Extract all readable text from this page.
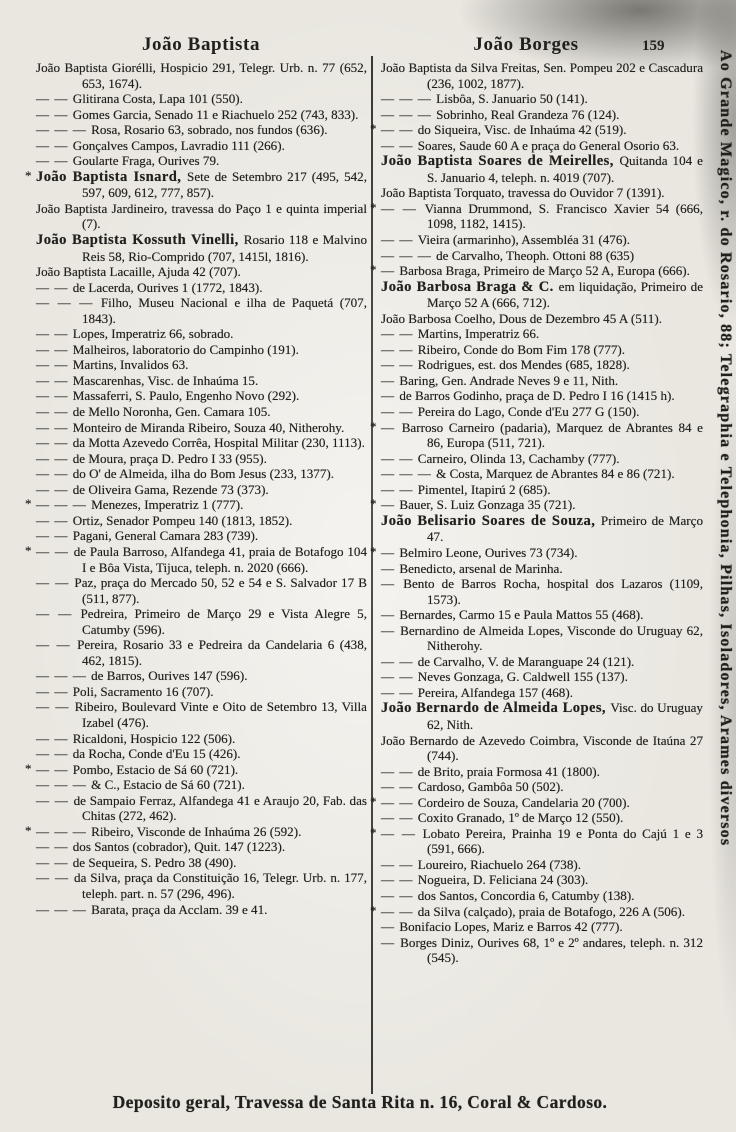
João Baptista	João Borges	159
João Baptista Giorélli, Hospicio 291, Telegr. Urb. n. 77 (652, 653, 1674).
— — Glitirana Costa, Lapa 101 (550).
— — Gomes Garcia, Senado 11 e Riachuelo 252 (743, 833).
— — — Rosa, Rosario 63, sobrado, nos fundos (636).
— — Gonçalves Campos, Lavradio 111 (266).
— — Goularte Fraga, Ourives 79.
* João Baptista Isnard, Sete de Setembro 217 (495, 542, 597, 609, 612, 777, 857).
João Baptista Jardineiro, travessa do Paço 1 e quinta imperial (7).
João Baptista Kossuth Vinelli, Rosario 118 e Malvino Reis 58, Rio-Comprido (707, 1415l, 1816).
João Baptista Lacaille, Ajuda 42 (707).
— — de Lacerda, Ourives 1 (1772, 1843).
— — — Filho, Museu Nacional e ilha de Paquetá (707, 1843).
— — Lopes, Imperatriz 66, sobrado.
— — Malheiros, laboratorio do Campinho (191).
— — Martins, Invalidos 63.
— — Mascarenhas, Visc. de Inhaúma 15.
— — Massaferri, S. Paulo, Engenho Novo (292).
— — de Mello Noronha, Gen. Camara 105.
— — Monteiro de Miranda Ribeiro, Souza 40, Nitherohy.
— — da Motta Azevedo Corrêa, Hospital Militar (230, 1113).
— — de Moura, praça D. Pedro I 33 (955).
— — do O' de Almeida, ilha do Bom Jesus (233, 1377).
— — de Oliveira Gama, Rezende 73 (373).
* — — — Menezes, Imperatriz 1 (777).
— — Ortiz, Senador Pompeu 140 (1813, 1852).
— — Pagani, General Camara 283 (739).
* — — de Paula Barroso, Alfandega 41, praia de Botafogo 104 I e Bôa Vista, Tijuca, teleph. n. 2020 (666).
— — Paz, praça do Mercado 50, 52 e 54 e S. Salvador 17 B (511, 877).
— — Pedreira, Primeiro de Março 29 e Vista Alegre 5, Catumby (596).
— — Pereira, Rosario 33 e Pedreira da Candelaria 6 (438, 462, 1815).
— — — de Barros, Ourives 147 (596).
— — Poli, Sacramento 16 (707).
— — Ribeiro, Boulevard Vinte e Oito de Setembro 13, Villa Izabel (476).
— — Ricaldoni, Hospicio 122 (506).
— — da Rocha, Conde d'Eu 15 (426).
* — — Pombo, Estacio de Sá 60 (721).
— — — & C., Estacio de Sá 60 (721).
— — de Sampaio Ferraz, Alfandega 41 e Araujo 20, Fab. das Chitas (272, 462).
* — — — Ribeiro, Visconde de Inhaúma 26 (592).
— — dos Santos (cobrador), Quit. 147 (1223).
— — de Sequeira, S. Pedro 38 (490).
— — da Silva, praça da Constituição 16, Telegr. Urb. n. 177, teleph. part. n. 57 (296, 496).
— — — Barata, praça da Acclam. 39 e 41.
João Baptista da Silva Freitas, Sen. Pompeu 202 e Cascadura (236, 1002, 1877).
— — — Lisbôa, S. Januario 50 (141).
— — — Sobrinho, Real Grandeza 76 (124).
* — — do Siqueira, Visc. de Inhaúma 42 (519).
— — Soares, Saude 60 A e praça do General Osorio 63.
João Baptista Soares de Meirelles, Quitanda 104 e S. Januario 4, teleph. n. 4019 (707).
João Baptista Torquato, travessa do Ouvidor 7 (1391).
* — — Vianna Drummond, S. Francisco Xavier 54 (666, 1098, 1182, 1415).
— — Vieira (armarinho), Assembléa 31 (476).
— — — de Carvalho, Theoph. Ottoni 88 (635)
* — Barbosa Braga, Primeiro de Março 52 A, Europa (666).
João Barbosa Braga & C. em liquidação, Primeiro de Março 52 A (666, 712).
João Barbosa Coelho, Dous de Dezembro 45 A (511).
— — Martins, Imperatriz 66.
— — Ribeiro, Conde do Bom Fim 178 (777).
— — Rodrigues, est. dos Mendes (685, 1828).
— Baring, Gen. Andrade Neves 9 e 11, Nith.
— de Barros Godinho, praça de D. Pedro I 16 (1415 h).
— — Pereira do Lago, Conde d'Eu 277 G (150).
* — Barroso Carneiro (padaria), Marquez de Abrantes 84 e 86, Europa (511, 721).
— — Carneiro, Olinda 13, Cachamby (777).
— — — & Costa, Marquez de Abrantes 84 e 86 (721).
— — Pimentel, Itapirú 2 (685).
* — Bauer, S. Luiz Gonzaga 35 (721).
João Belisario Soares de Souza, Primeiro de Março 47.
* — Belmiro Leone, Ourives 73 (734).
— Benedicto, arsenal de Marinha.
— Bento de Barros Rocha, hospital dos Lazaros (1109, 1573).
— Bernardes, Carmo 15 e Paula Mattos 55 (468).
— Bernardino de Almeida Lopes, Visconde do Uruguay 62, Nitherohy.
— — de Carvalho, V. de Maranguape 24 (121).
— — Neves Gonzaga, G. Caldwell 155 (137).
— — Pereira, Alfandega 157 (468).
João Bernardo de Almeida Lopes, Visc. do Uruguay 62, Nith.
João Bernardo de Azevedo Coimbra, Visconde de Itaúna 27 (744).
— — de Brito, praia Formosa 41 (1800).
— — Cardoso, Gambôa 50 (502).
* — — Cordeiro de Souza, Candelaria 20 (700).
— — Coxito Granado, 1º de Março 12 (550).
* — — Lobato Pereira, Prainha 19 e Ponta do Cajú 1 e 3 (591, 666).
— — Loureiro, Riachuelo 264 (738).
— — Nogueira, D. Feliciana 24 (303).
— — dos Santos, Concordia 6, Catumby (138).
* — — da Silva (calçado), praia de Botafogo, 226 A (506).
— Bonifacio Lopes, Mariz e Barros 42 (777).
— Borges Diniz, Ourives 68, 1º e 2º andares, teleph. n. 312 (545).
Ao Grande Magico, r. do Rosario, 88; Telegraphia e Telephonia, Pilhas, Isoladores, Arames diversos
Deposito geral, Travessa de Santa Rita n. 16, Coral & Cardoso.
